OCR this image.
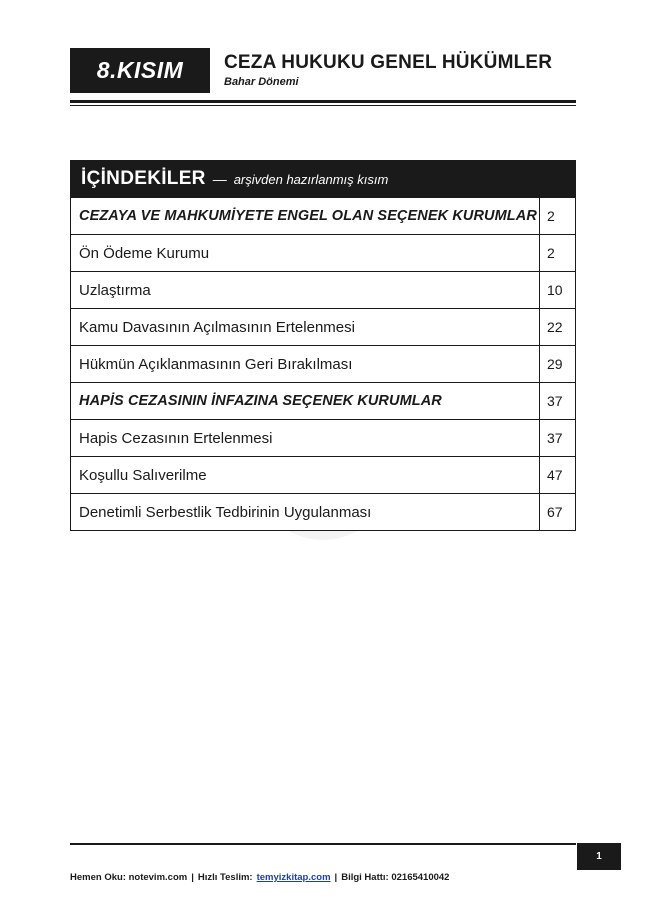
8.KISIM	CEZA HUKUKU GENEL HÜKÜMLER
Bahar Dönemi
İÇİNDEKİLER — arşivden hazırlanmış kısım
CEZAYA VE MAHKUMİYETE ENGEL OLAN SEÇENEK KURUMLAR 2
Ön Ödeme Kurumu	2
Uzlaştırma	10
Kamu Davasının Açılmasının Ertelenmesi	22
Hükmün Açıklanmasının Geri Bırakılması	29
HAPİS CEZASININ İNFAZINA SEÇENEK KURUMLAR	37
Hapis Cezasının Ertelenmesi	37
Koşullu Salıverilme	47
Denetimli Serbestlik Tedbirinin Uygulanması	67
1
Hemen Oku: notevim.com | Hızlı Teslim: temyizkitap.com | Bilgi Hattı: 02165410042
